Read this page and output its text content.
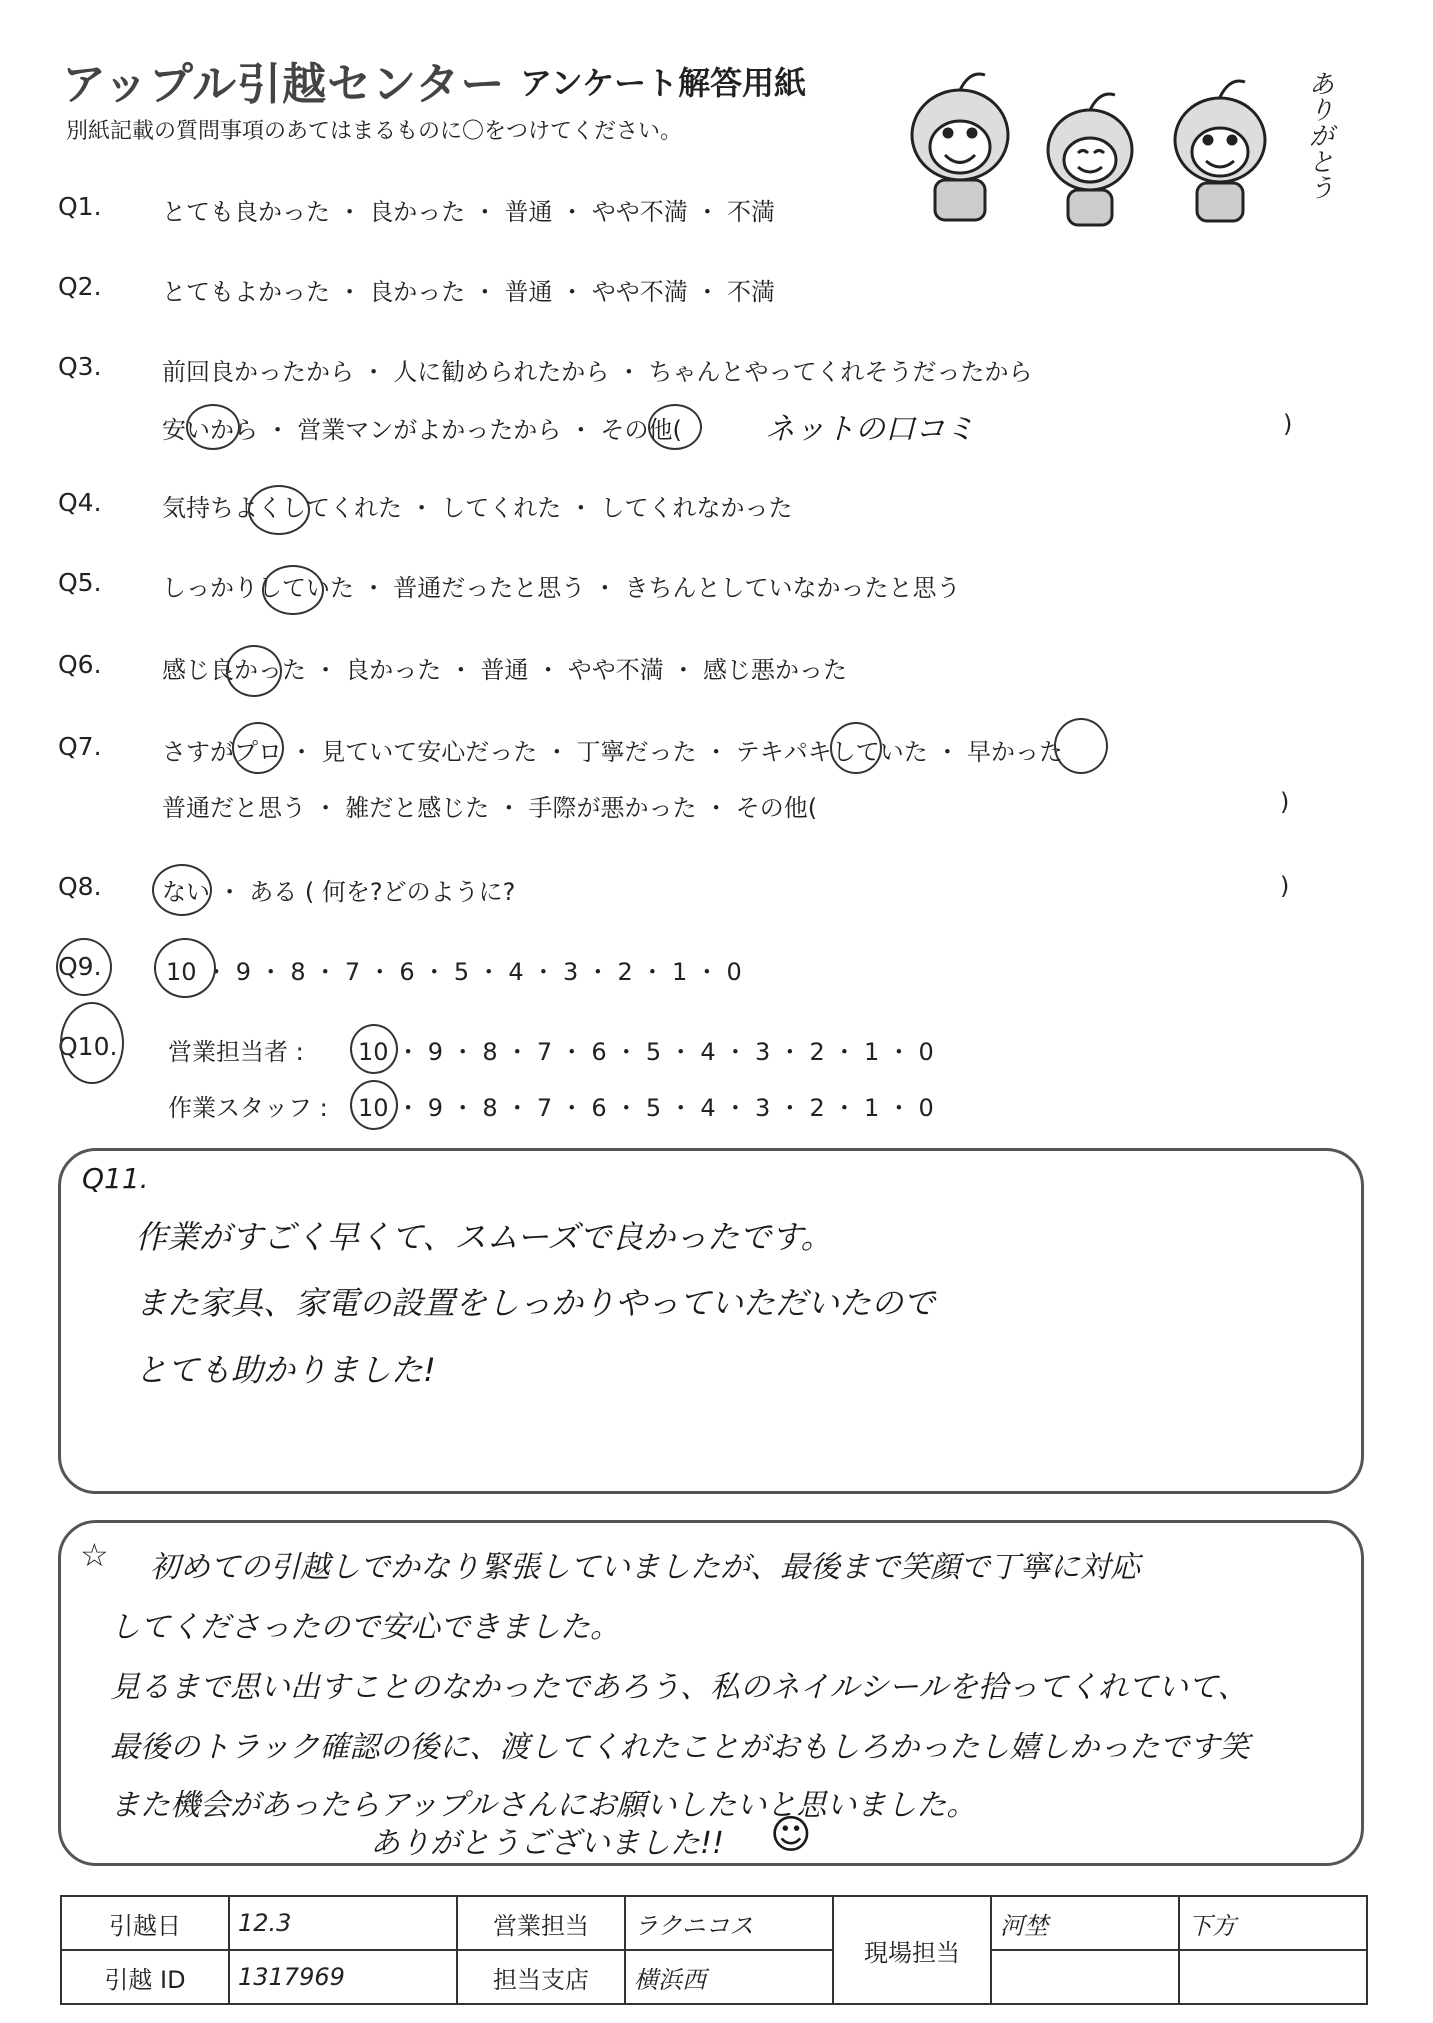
アップル引越センター アンケート解答用紙
別紙記載の質問事項のあてはまるものに〇をつけてください。	ありがとう
Q1.	とても良かった ・ 良かった ・ 普通 ・ やや不満 ・ 不満
Q2.	とてもよかった ・ 良かった ・ 普通 ・ やや不満 ・ 不満
Q3.	前回良かったから ・ 人に勧められたから ・ ちゃんとやってくれそうだったから
安いから ・ 営業マンがよかったから ・ その他(	ネットの口コミ	)
Q4.	気持ちよくしてくれた ・ してくれた ・ してくれなかった
Q5.	しっかりしていた ・ 普通だったと思う ・ きちんとしていなかったと思う
Q6.	感じ良かった ・ 良かった ・ 普通 ・ やや不満 ・ 感じ悪かった
Q7.	さすがプロ ・ 見ていて安心だった ・ 丁寧だった ・ テキパキしていた ・ 早かった
普通だと思う ・ 雑だと感じた ・ 手際が悪かった ・ その他(	)
Q8.	ない ・ ある ( 何を?どのように?	)
Q9.	10 ・ 9 ・ 8 ・ 7 ・ 6 ・ 5 ・ 4 ・ 3 ・ 2 ・ 1 ・ 0
Q10. 営業担当者 : 10 ・ 9 ・ 8 ・ 7 ・ 6 ・ 5 ・ 4 ・ 3 ・ 2 ・ 1 ・ 0
作業スタッフ : 10 ・ 9 ・ 8 ・ 7 ・ 6 ・ 5 ・ 4 ・ 3 ・ 2 ・ 1 ・ 0
Q11.
作業がすごく早くて、スムーズで良かったです。
また家具、家電の設置をしっかりやっていただいたので
とても助かりました!
☆ 初めての引越しでかなり緊張していましたが、最後まで笑顔で丁寧に対応
してくださったので安心できました。
見るまで思い出すことのなかったであろう、私のネイルシールを拾ってくれていて、
最後のトラック確認の後に、渡してくれたことがおもしろかったし嬉しかったです笑
また機会があったらアップルさんにお願いしたいと思いました。
ありがとうございました!! ☺
引越日	12.3	営業担当	ラクニコス	現場担当	河埜	下方
引越 ID	1317969	担当支店	横浜西			
